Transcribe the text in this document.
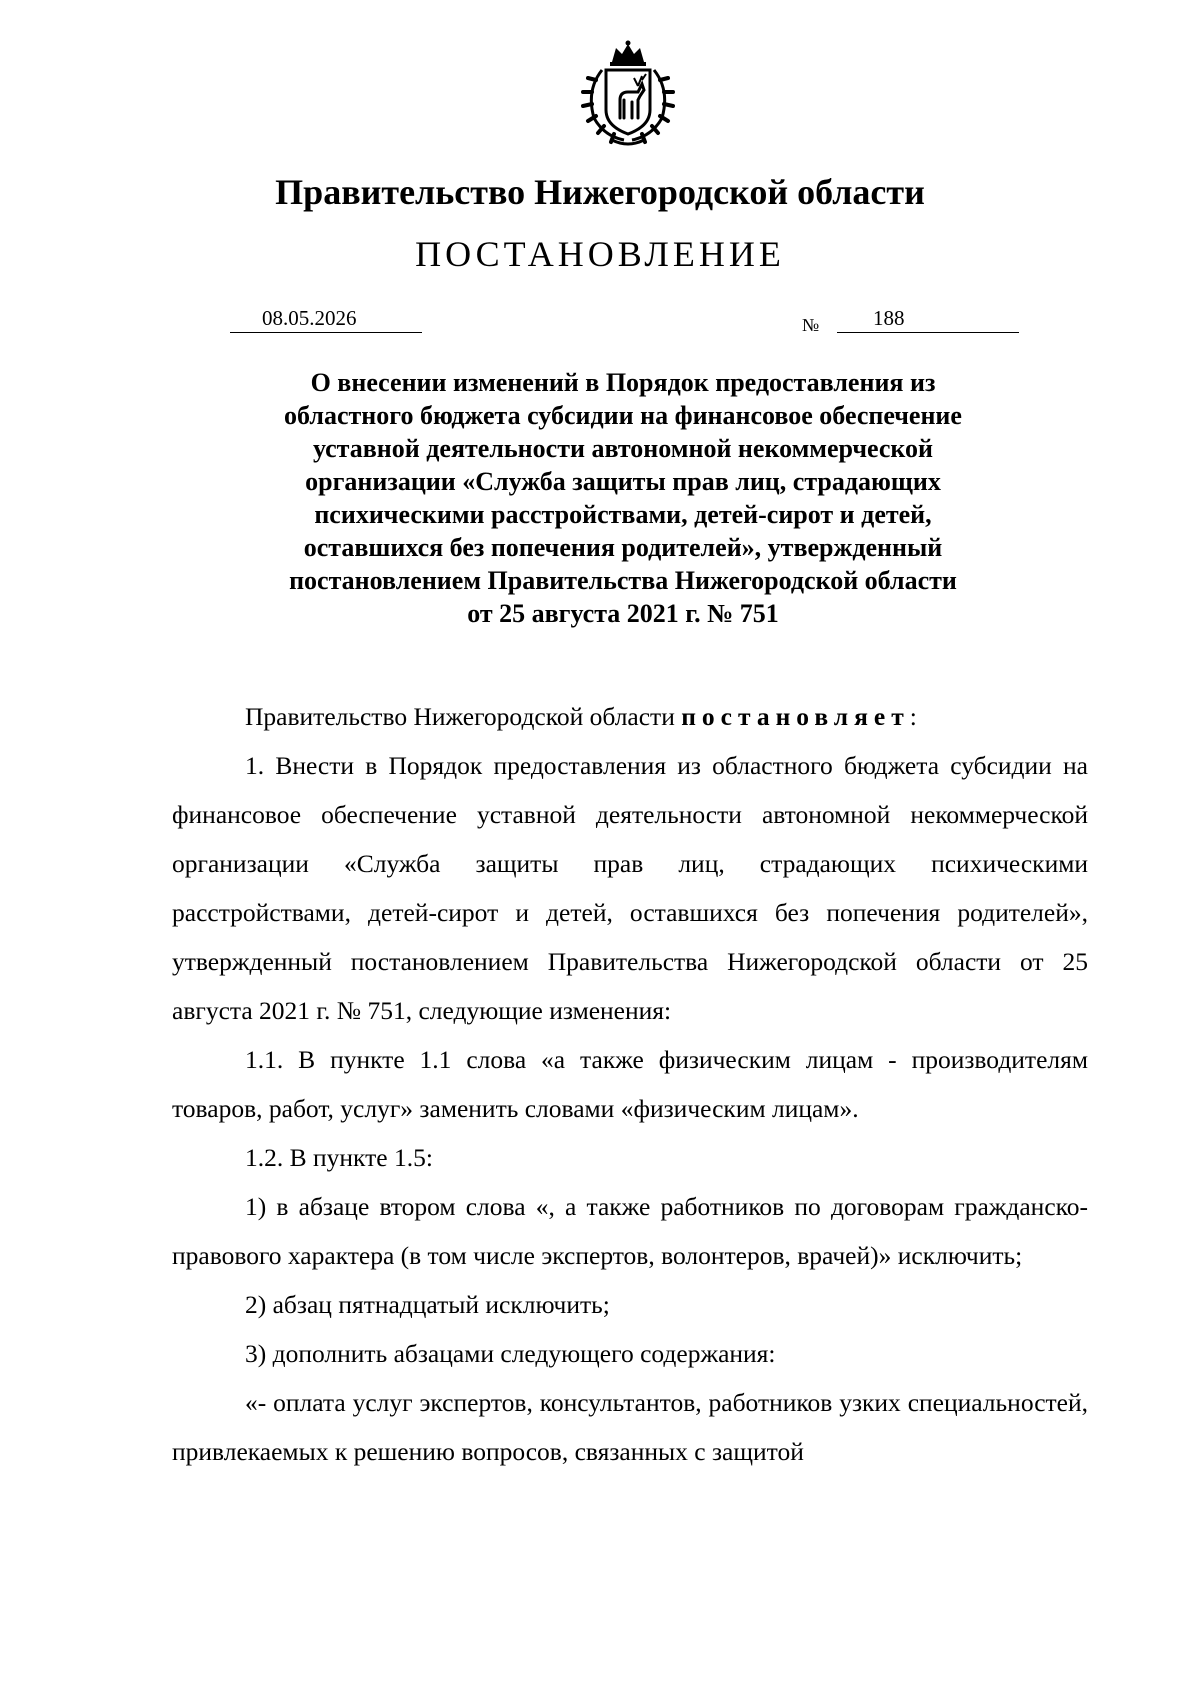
Правительство Нижегородской области
ПОСТАНОВЛЕНИЕ
08.05.2026	№	188
О внесении изменений в Порядок предоставления из
областного бюджета субсидии на финансовое обеспечение
уставной деятельности автономной некоммерческой
организации «Служба защиты прав лиц, страдающих
психическими расстройствами, детей-сирот и детей,
оставшихся без попечения родителей», утвержденный
постановлением Правительства Нижегородской области
от 25 августа 2021 г. № 751

Правительство Нижегородской области постановляет:

1. Внести в Порядок предоставления из областного бюджета субсидии на финансовое обеспечение уставной деятельности автономной некоммерческой организации «Служба защиты прав лиц, страдающих психическими расстройствами, детей-сирот и детей, оставшихся без попечения родителей», утвержденный постановлением Правительства Нижегородской области от 25 августа 2021 г. № 751, следующие изменения:

1.1. В пункте 1.1 слова «а также физическим лицам - производителям товаров, работ, услуг» заменить словами «физическим лицам».

1.2. В пункте 1.5:

1) в абзаце втором слова «, а также работников по договорам гражданско-правового характера (в том числе экспертов, волонтеров, врачей)» исключить;

2) абзац пятнадцатый исключить;

3) дополнить абзацами следующего содержания:

«- оплата услуг экспертов, консультантов, работников узких специальностей, привлекаемых к решению вопросов, связанных с защитой
